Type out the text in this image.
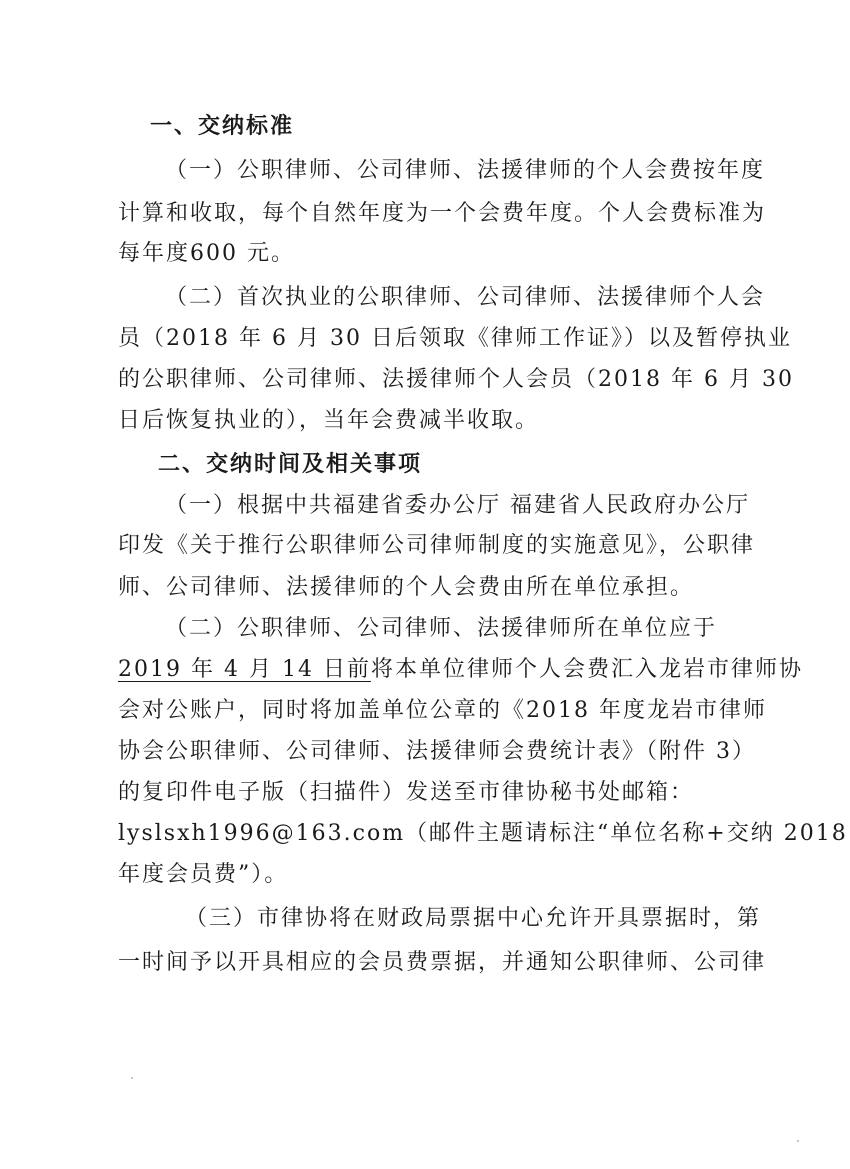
一、交纳标准
（一）公职律师、公司律师、法援律师的个人会费按年度
计算和收取，每个自然年度为一个会费年度。个人会费标准为
每年度600 元。
（二）首次执业的公职律师、公司律师、法援律师个人会
员（2018 年 6 月 30 日后领取《律师工作证》）以及暂停执业
的公职律师、公司律师、法援律师个人会员（2018 年 6 月 30
日后恢复执业的），当年会费减半收取。
二、交纳时间及相关事项
（一）根据中共福建省委办公厅 福建省人民政府办公厅
印发《关于推行公职律师公司律师制度的实施意见》，公职律
师、公司律师、法援律师的个人会费由所在单位承担。
（二）公职律师、公司律师、法援律师所在单位应于
2019 年 4 月 14 日前将本单位律师个人会费汇入龙岩市律师协
会对公账户，同时将加盖单位公章的《2018 年度龙岩市律师
协会公职律师、公司律师、法援律师会费统计表》（附件 3）
的复印件电子版（扫描件）发送至市律协秘书处邮箱：
lyslsxh1996@163.com（邮件主题请标注“单位名称+交纳 2018
年度会员费”）。
（三）市律协将在财政局票据中心允许开具票据时，第
一时间予以开具相应的会员费票据，并通知公职律师、公司律
